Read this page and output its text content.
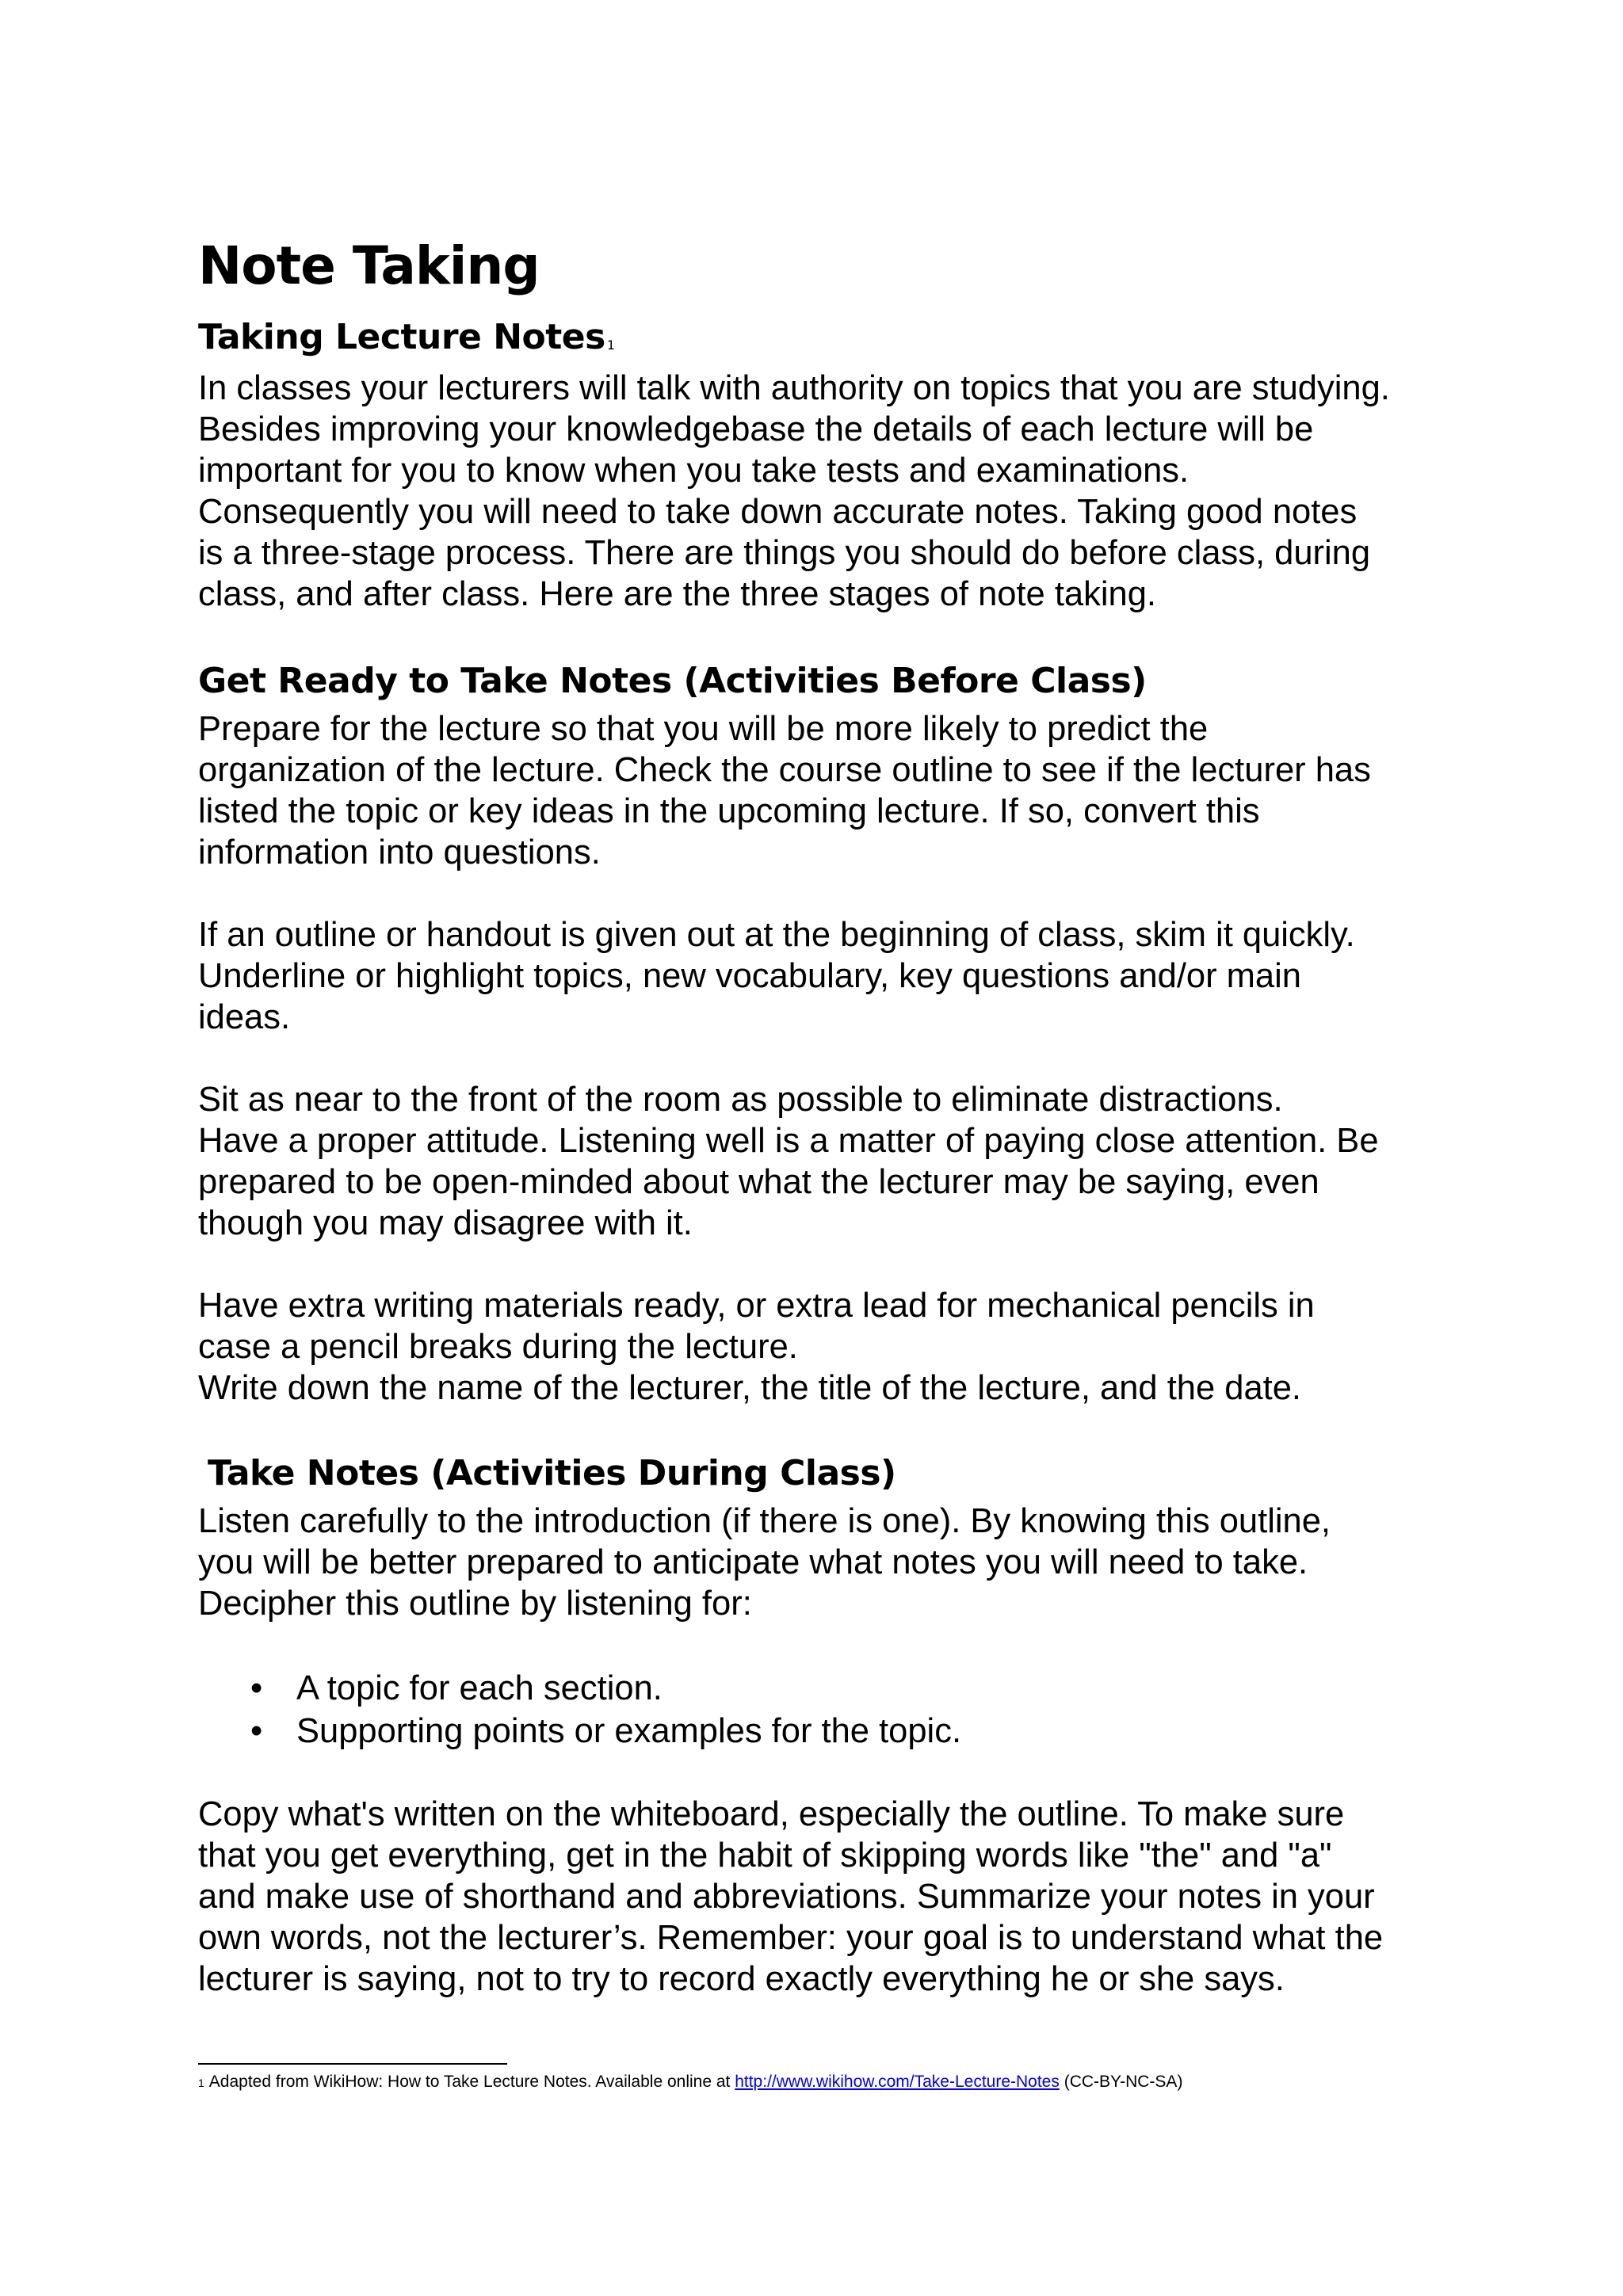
Note Taking
Taking Lecture Notes $^1$

In classes your lecturers will talk with authority on topics that you are studying.
Besides improving your knowledgebase the details of each lecture will be
important for you to know when you take tests and examinations.
Consequently you will need to take down accurate notes. Taking good notes
is a three-stage process. There are things you should do before class, during
class, and after class. Here are the three stages of note taking.

Get Ready to Take Notes (Activities Before Class)

Prepare for the lecture so that you will be more likely to predict the
organization of the lecture. Check the course outline to see if the lecturer has
listed the topic or key ideas in the upcoming lecture. If so, convert this
information into questions.

If an outline or handout is given out at the beginning of class, skim it quickly.
Underline or highlight topics, new vocabulary, key questions and/or main
ideas.

Sit as near to the front of the room as possible to eliminate distractions.
Have a proper attitude. Listening well is a matter of paying close attention. Be
prepared to be open-minded about what the lecturer may be saying, even
though you may disagree with it.

Have extra writing materials ready, or extra lead for mechanical pencils in
case a pencil breaks during the lecture.
Write down the name of the lecturer, the title of the lecture, and the date.

Take Notes (Activities During Class)

Listen carefully to the introduction (if there is one). By knowing this outline,
you will be better prepared to anticipate what notes you will need to take.
Decipher this outline by listening for:

• A topic for each section.
• Supporting points or examples for the topic.

Copy what's written on the whiteboard, especially the outline. To make sure
that you get everything, get in the habit of skipping words like "the" and "a"
and make use of shorthand and abbreviations. Summarize your notes in your
own words, not the lecturer’s. Remember: your goal is to understand what the
lecturer is saying, not to try to record exactly everything he or she says.

1 Adapted from WikiHow: How to Take Lecture Notes. Available online at http://www.wikihow.com/Take-Lecture-Notes (CC-BY-NC-SA)
